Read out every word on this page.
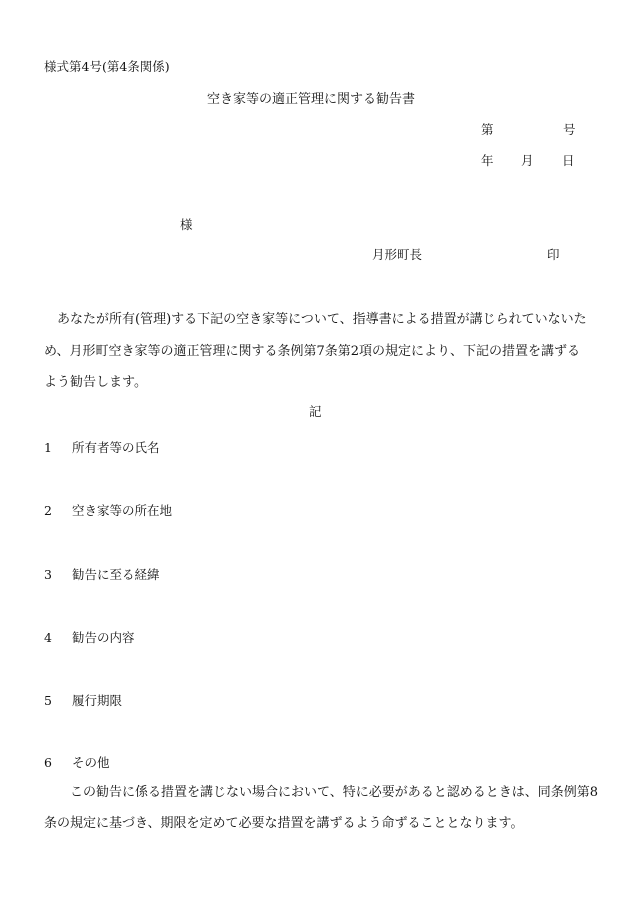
様式第4号(第4条関係)
空き家等の適正管理に関する勧告書
第	号
年 月 日
様
月形町長	印
あなたが所有(管理)する下記の空き家等について、指導書による措置が講じられていないため、月形町空き家等の適正管理に関する条例第7条第2項の規定により、下記の措置を講ずるよう勧告します。
記
1 所有者等の氏名
2 空き家等の所在地
3 勧告に至る経緯
4 勧告の内容
5 履行期限
6 その他
この勧告に係る措置を講じない場合において、特に必要があると認めるときは、同条例第8条の規定に基づき、期限を定めて必要な措置を講ずるよう命ずることとなります。
